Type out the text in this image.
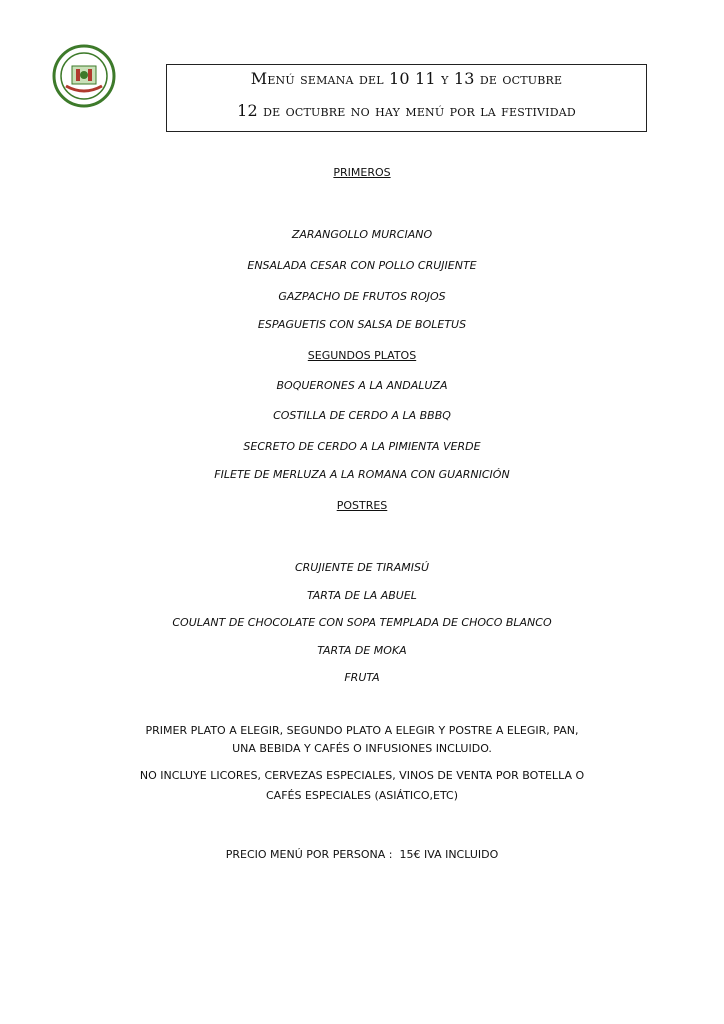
Menú semana del 10 11 y 13 de octubre
12 de octubre no hay menú por la festividad
PRIMEROS
ZARANGOLLO MURCIANO
ENSALADA CESAR CON POLLO CRUJIENTE
GAZPACHO DE FRUTOS ROJOS
ESPAGUETIS CON SALSA DE BOLETUS
SEGUNDOS PLATOS
BOQUERONES A LA ANDALUZA
COSTILLA DE CERDO A LA BBBQ
SECRETO DE CERDO A LA PIMIENTA VERDE
FILETE DE MERLUZA A LA ROMANA CON GUARNICIÓN
POSTRES
CRUJIENTE DE TIRAMISÚ
TARTA DE LA ABUEL
COULANT DE CHOCOLATE CON SOPA TEMPLADA DE CHOCO BLANCO
TARTA DE MOKA
FRUTA
PRIMER PLATO A ELEGIR, SEGUNDO PLATO A ELEGIR Y POSTRE A ELEGIR, PAN,
UNA BEBIDA Y CAFÉS O INFUSIONES INCLUIDO.
NO INCLUYE LICORES, CERVEZAS ESPECIALES, VINOS DE VENTA POR BOTELLA O
CAFÉS ESPECIALES (ASIÁTICO,ETC)
PRECIO MENÚ POR PERSONA :  15€ IVA INCLUIDO
